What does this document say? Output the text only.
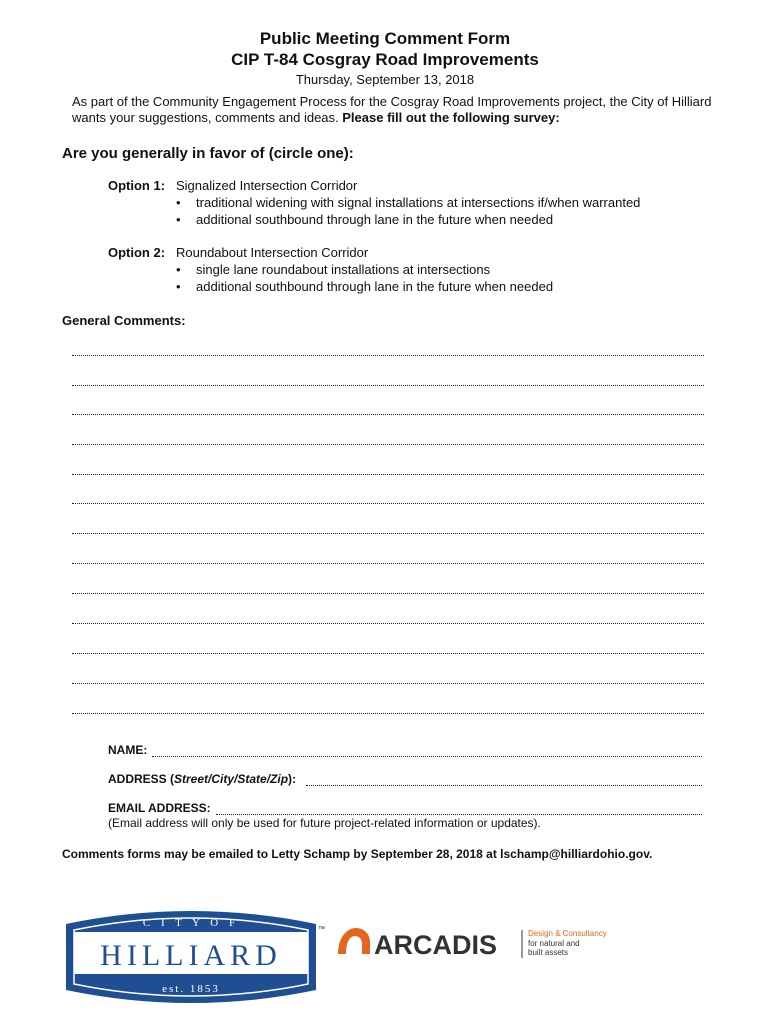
Public Meeting Comment Form
CIP T-84 Cosgray Road Improvements
Thursday, September 13, 2018
As part of the Community Engagement Process for the Cosgray Road Improvements project, the City of Hilliard wants your suggestions, comments and ideas. Please fill out the following survey:
Are you generally in favor of (circle one):
Option 1: Signalized Intersection Corridor
• traditional widening with signal installations at intersections if/when warranted
• additional southbound through lane in the future when needed
Option 2: Roundabout Intersection Corridor
• single lane roundabout installations at intersections
• additional southbound through lane in the future when needed
General Comments:
NAME:
ADDRESS (Street/City/State/Zip):
EMAIL ADDRESS:
(Email address will only be used for future project-related information or updates).
Comments forms may be emailed to Letty Schamp by September 28, 2018 at lschamp@hilliardohio.gov.
C I T Y O F
HILLIARD
est. 1853
™
ARCADIS	Design & Consultancy
for natural and
built assets
